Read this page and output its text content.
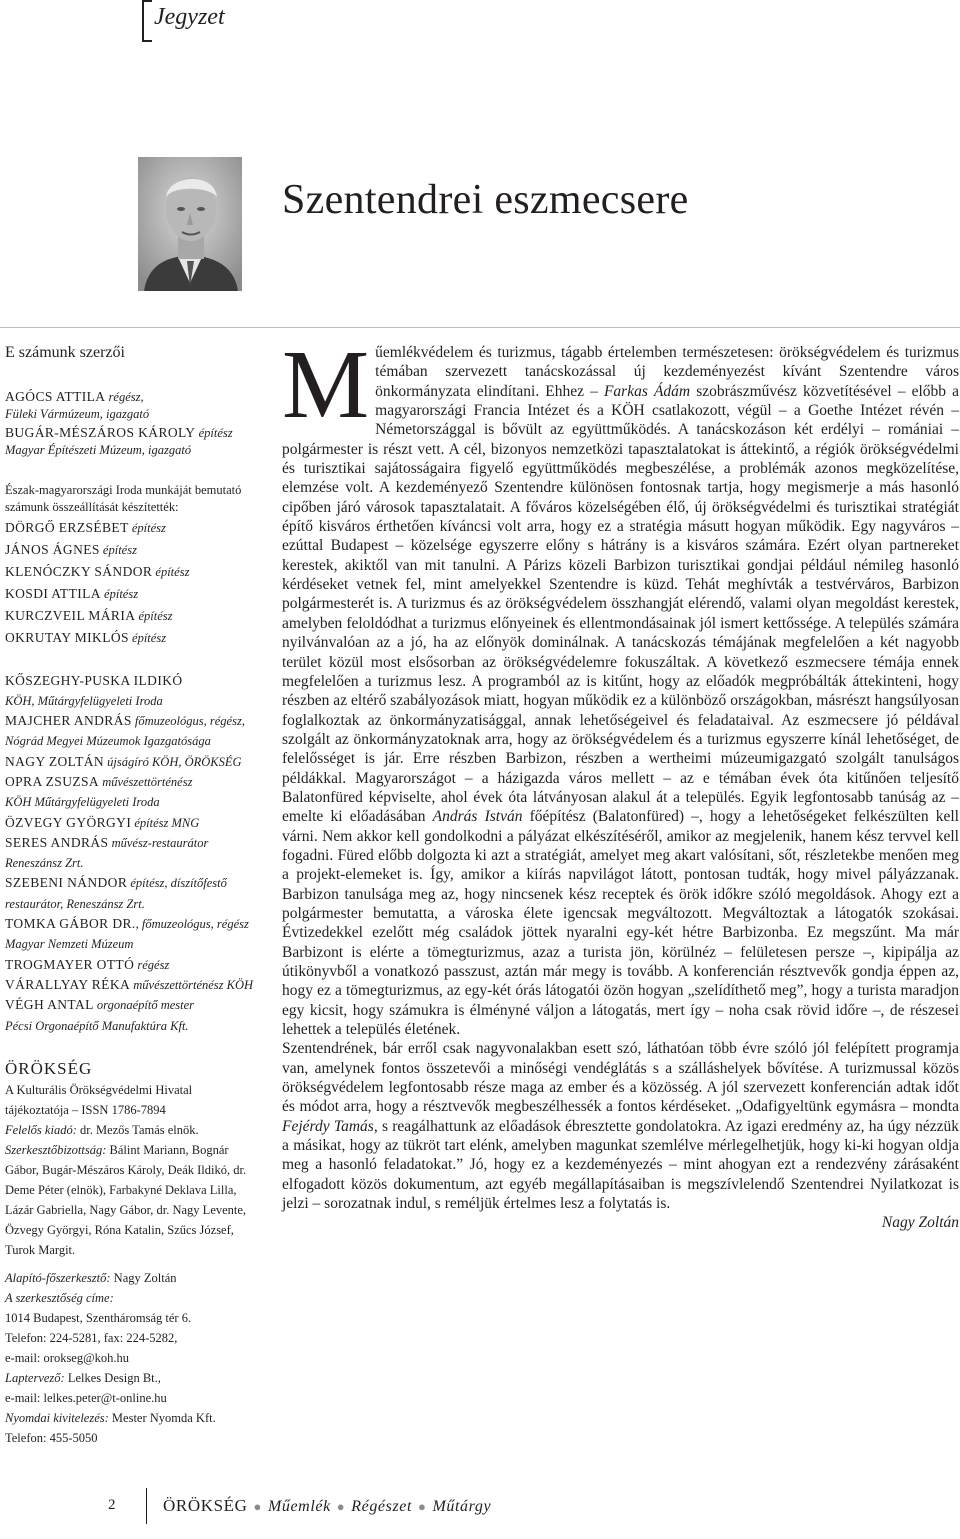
Jegyzet
Szentendrei eszmecsere
E számunk szerzői
AGÓCS ATTILA régész,
Füleki Vármúzeum, igazgató
BUGÁR-MÉSZÁROS KÁROLY építész
Magyar Építészeti Múzeum, igazgató
Észak-magyarországi Iroda munkáját bemutató számunk összeállítását készítették:
DÖRGŐ ERZSÉBET építész
JÁNOS ÁGNES építész
KLENÓCZKY SÁNDOR építész
KOSDI ATTILA építész
KURCZVEIL MÁRIA építész
OKRUTAY MIKLÓS építész
KŐSZEGHY-PUSKA ILDIKÓ
KÖH, Műtárgyfelügyeleti Iroda
MAJCHER ANDRÁS főmuzeológus, régész,
Nógrád Megyei Múzeumok Igazgatósága
NAGY ZOLTÁN újságíró KÖH, ÖRÖKSÉG
OPRA ZSUZSA művészettörténész
KÖH Műtárgyfelügyeleti Iroda
ÖZVEGY GYÖRGYI építész MNG
SERES ANDRÁS művész-restaurátor
Reneszánsz Zrt.
SZEBENI NÁNDOR építész, díszítőfestő
restaurátor, Reneszánsz Zrt.
TOMKA GÁBOR DR., főmuzeológus, régész
Magyar Nemzeti Múzeum
TROGMAYER OTTÓ régész
VÁRALLYAY RÉKA művészettörténész KÖH
VÉGH ANTAL orgonaépítő mester
Pécsi Orgonaépítő Manufaktúra Kft.
ÖRÖKSÉG

A Kulturális Örökségvédelmi Hivatal

tájékoztatója – ISSN 1786-7894

Felelős kiadó: dr. Mezős Tamás elnök.

Szerkesztőbizottság: Bálint Mariann, Bognár Gábor, Bugár-Mészáros Károly, Deák Ildikó, dr. Deme Péter (elnök), Farbakyné Deklava Lilla, Lázár Gabriella, Nagy Gábor, dr. Nagy Levente, Özvegy Györgyi, Róna Katalin, Szűcs József, Turok Margit.

Alapító-főszerkesztő: Nagy Zoltán

A szerkesztőség címe:

1014 Budapest, Szentháromság tér 6.

Telefon: 224-5281, fax: 224-5282,

e-mail: orokseg@koh.hu

Laptervező: Lelkes Design Bt.,

e-mail: lelkes.peter@t-online.hu

Nyomdai kivitelezés: Mester Nyomda Kft.

Telefon: 455-5050

Műemlékvédelem és turizmus, tágabb értelemben természetesen: örökségvédelem és turizmus témában szervezett tanácskozással új kezdeményezést kívánt Szentendre város önkormányzata elindítani. Ehhez – Farkas Ádám szobrászművész közvetítésével – előbb a magyarországi Francia Intézet és a KÖH csatlakozott, végül – a Goethe Intézet révén – Németországgal is bővült az együttműködés. A tanácskozáson két erdélyi – romániai – polgármester is részt vett. A cél, bizonyos nemzetközi tapasztalatokat is áttekintő, a régiók örökségvédelmi és turisztikai sajátosságaira figyelő együttműködés megbeszélése, a problémák azonos megközelítése, elemzése volt. A kezdeményező Szentendre különösen fontosnak tartja, hogy megismerje a más hasonló cipőben járó városok tapasztalatait. A főváros közelségében élő, új örökségvédelmi és turisztikai stratégiát építő kisváros érthetően kíváncsi volt arra, hogy ez a stratégia másutt hogyan működik. Egy nagyváros – ezúttal Budapest – közelsége egyszerre előny s hátrány is a kisváros számára. Ezért olyan partnereket kerestek, akiktől van mit tanulni. A Párizs közeli Barbizon turisztikai gondjai például némileg hasonló kérdéseket vetnek fel, mint amelyekkel Szentendre is küzd. Tehát meghívták a testvérváros, Barbizon polgármesterét is. A turizmus és az örökségvédelem összhangját elérendő, valami olyan megoldást kerestek, amelyben feloldódhat a turizmus előnyeinek és ellentmondásainak jól ismert kettőssége. A település számára nyilvánvalóan az a jó, ha az előnyök dominálnak. A tanácskozás témájának megfelelően a két nagyobb terület közül most elsősorban az örökségvédelemre fokuszáltak. A következő eszmecsere témája ennek megfelelően a turizmus lesz. A programból az is kitűnt, hogy az előadók megpróbálták áttekinteni, hogy részben az eltérő szabályozások miatt, hogyan működik ez a különböző országokban, másrészt hangsúlyosan foglalkoztak az önkormányzatisággal, annak lehetőségeivel és feladataival. Az eszmecsere jó példával szolgált az önkormányzatoknak arra, hogy az örökségvédelem és a turizmus egyszerre kínál lehetőséget, de felelősséget is jár. Erre részben Barbizon, részben a wertheimi múzeumigazgató szolgált tanulságos példákkal. Magyarországot – a házigazda város mellett – az e témában évek óta kitűnően teljesítő Balatonfüred képviselte, ahol évek óta látványosan alakul át a település. Egyik legfontosabb tanúság az – emelte ki előadásában András István főépítész (Balatonfüred) –, hogy a lehetőségeket felkészülten kell várni. Nem akkor kell gondolkodni a pályázat elkészítéséről, amikor az megjelenik, hanem kész tervvel kell fogadni. Füred előbb dolgozta ki azt a stratégiát, amelyet meg akart valósítani, sőt, részletekbe menően meg a projekt-elemeket is. Így, amikor a kiírás napvilágot látott, pontosan tudták, hogy mivel pályázzanak. Barbizon tanulsága meg az, hogy nincsenek kész receptek és örök időkre szóló megoldások. Ahogy ezt a polgármester bemutatta, a városka élete igencsak megváltozott. Megváltoztak a látogatók szokásai. Évtizedekkel ezelőtt még családok jöttek nyaralni egy-két hétre Barbizonba. Ez megszűnt. Ma már Barbizont is elérte a tömegturizmus, azaz a turista jön, körülnéz – felületesen persze –, kipipálja az útikönyvből a vonatkozó passzust, aztán már megy is tovább. A konferencián résztvevők gondja éppen az, hogy ez a tömegturizmus, az egy-két órás látogatói özön hogyan „szelídíthető meg”, hogy a turista maradjon egy kicsit, hogy számukra is élményné váljon a látogatás, mert így – noha csak rövid időre –, de részesei lehettek a település életének.

Szentendrének, bár erről csak nagyvonalakban esett szó, láthatóan több évre szóló jól felépített programja van, amelynek fontos összetevői a minőségi vendéglátás s a szálláshelyek bővítése. A turizmussal közös örökségvédelem legfontosabb része maga az ember és a közösség. A jól szervezett konferencián adtak időt és módot arra, hogy a résztvevők megbeszélhessék a fontos kérdéseket. „Odafigyeltünk egymásra – mondta Fejérdy Tamás, s reagálhattunk az előadások ébresztette gondolatokra. Az igazi eredmény az, ha úgy nézzük a másikat, hogy az tükröt tart elénk, amelyben magunkat szemlélve mérlegelhetjük, hogy ki-ki hogyan oldja meg a hasonló feladatokat.” Jó, hogy ez a kezdeményezés – mint ahogyan ezt a rendezvény zárásaként elfogadott közös dokumentum, azt egyéb megállapításaiban is megszívlelendő Szentendrei Nyilatkozat is jelzi – sorozatnak indul, s reméljük értelmes lesz a folytatás is.

Nagy Zoltán

2	ÖRÖKSÉG ● Műemlék ● Régészet ● Műtárgy
